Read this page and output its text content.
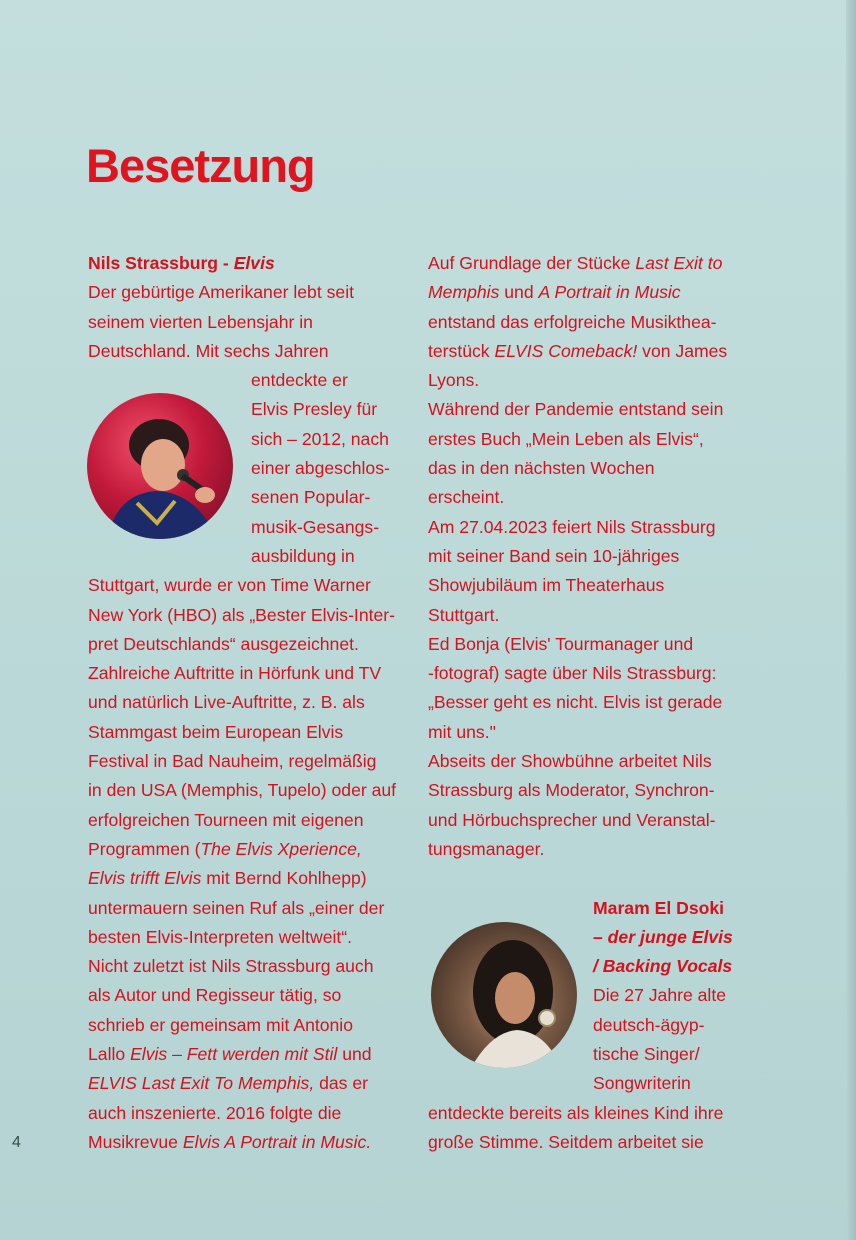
Besetzung
Nils Strassburg - Elvis
Der gebürtige Amerikaner lebt seit
seinem vierten Lebensjahr in
Deutschland. Mit sechs Jahren
entdeckte er
Elvis Presley für
sich – 2012, nach
einer abgeschlos-
senen Popular-
musik-Gesangs-
ausbildung in
Stuttgart, wurde er von Time Warner
New York (HBO) als „Bester Elvis-Inter-
pret Deutschlands“ ausgezeichnet.
Zahlreiche Auftritte in Hörfunk und TV
und natürlich Live-Auftritte, z. B. als
Stammgast beim European Elvis
Festival in Bad Nauheim, regelmäßig
in den USA (Memphis, Tupelo) oder auf
erfolgreichen Tourneen mit eigenen
Programmen (The Elvis Xperience,
Elvis trifft Elvis mit Bernd Kohlhepp)
untermauern seinen Ruf als „einer der
besten Elvis-Interpreten weltweit“.
Nicht zuletzt ist Nils Strassburg auch
als Autor und Regisseur tätig, so
schrieb er gemeinsam mit Antonio
Lallo Elvis – Fett werden mit Stil und
ELVIS Last Exit To Memphis, das er
auch inszenierte. 2016 folgte die
Musikrevue Elvis A Portrait in Music.
Auf Grundlage der Stücke Last Exit to
Memphis und A Portrait in Music
entstand das erfolgreiche Musikthea-
terstück ELVIS Comeback! von James
Lyons.
Während der Pandemie entstand sein
erstes Buch „Mein Leben als Elvis“,
das in den nächsten Wochen
erscheint.
Am 27.04.2023 feiert Nils Strassburg
mit seiner Band sein 10-jähriges
Showjubiläum im Theaterhaus
Stuttgart.
Ed Bonja (Elvis' Tourmanager und
-fotograf) sagte über Nils Strassburg:
„Besser geht es nicht. Elvis ist gerade
mit uns."
Abseits der Showbühne arbeitet Nils
Strassburg als Moderator, Synchron-
und Hörbuchsprecher und Veranstal-
tungsmanager.
Maram El Dsoki
– der junge Elvis
/ Backing Vocals
Die 27 Jahre alte
deutsch-ägyp-
tische Singer/
Songwriterin
entdeckte bereits als kleines Kind ihre
große Stimme. Seitdem arbeitet sie
4
